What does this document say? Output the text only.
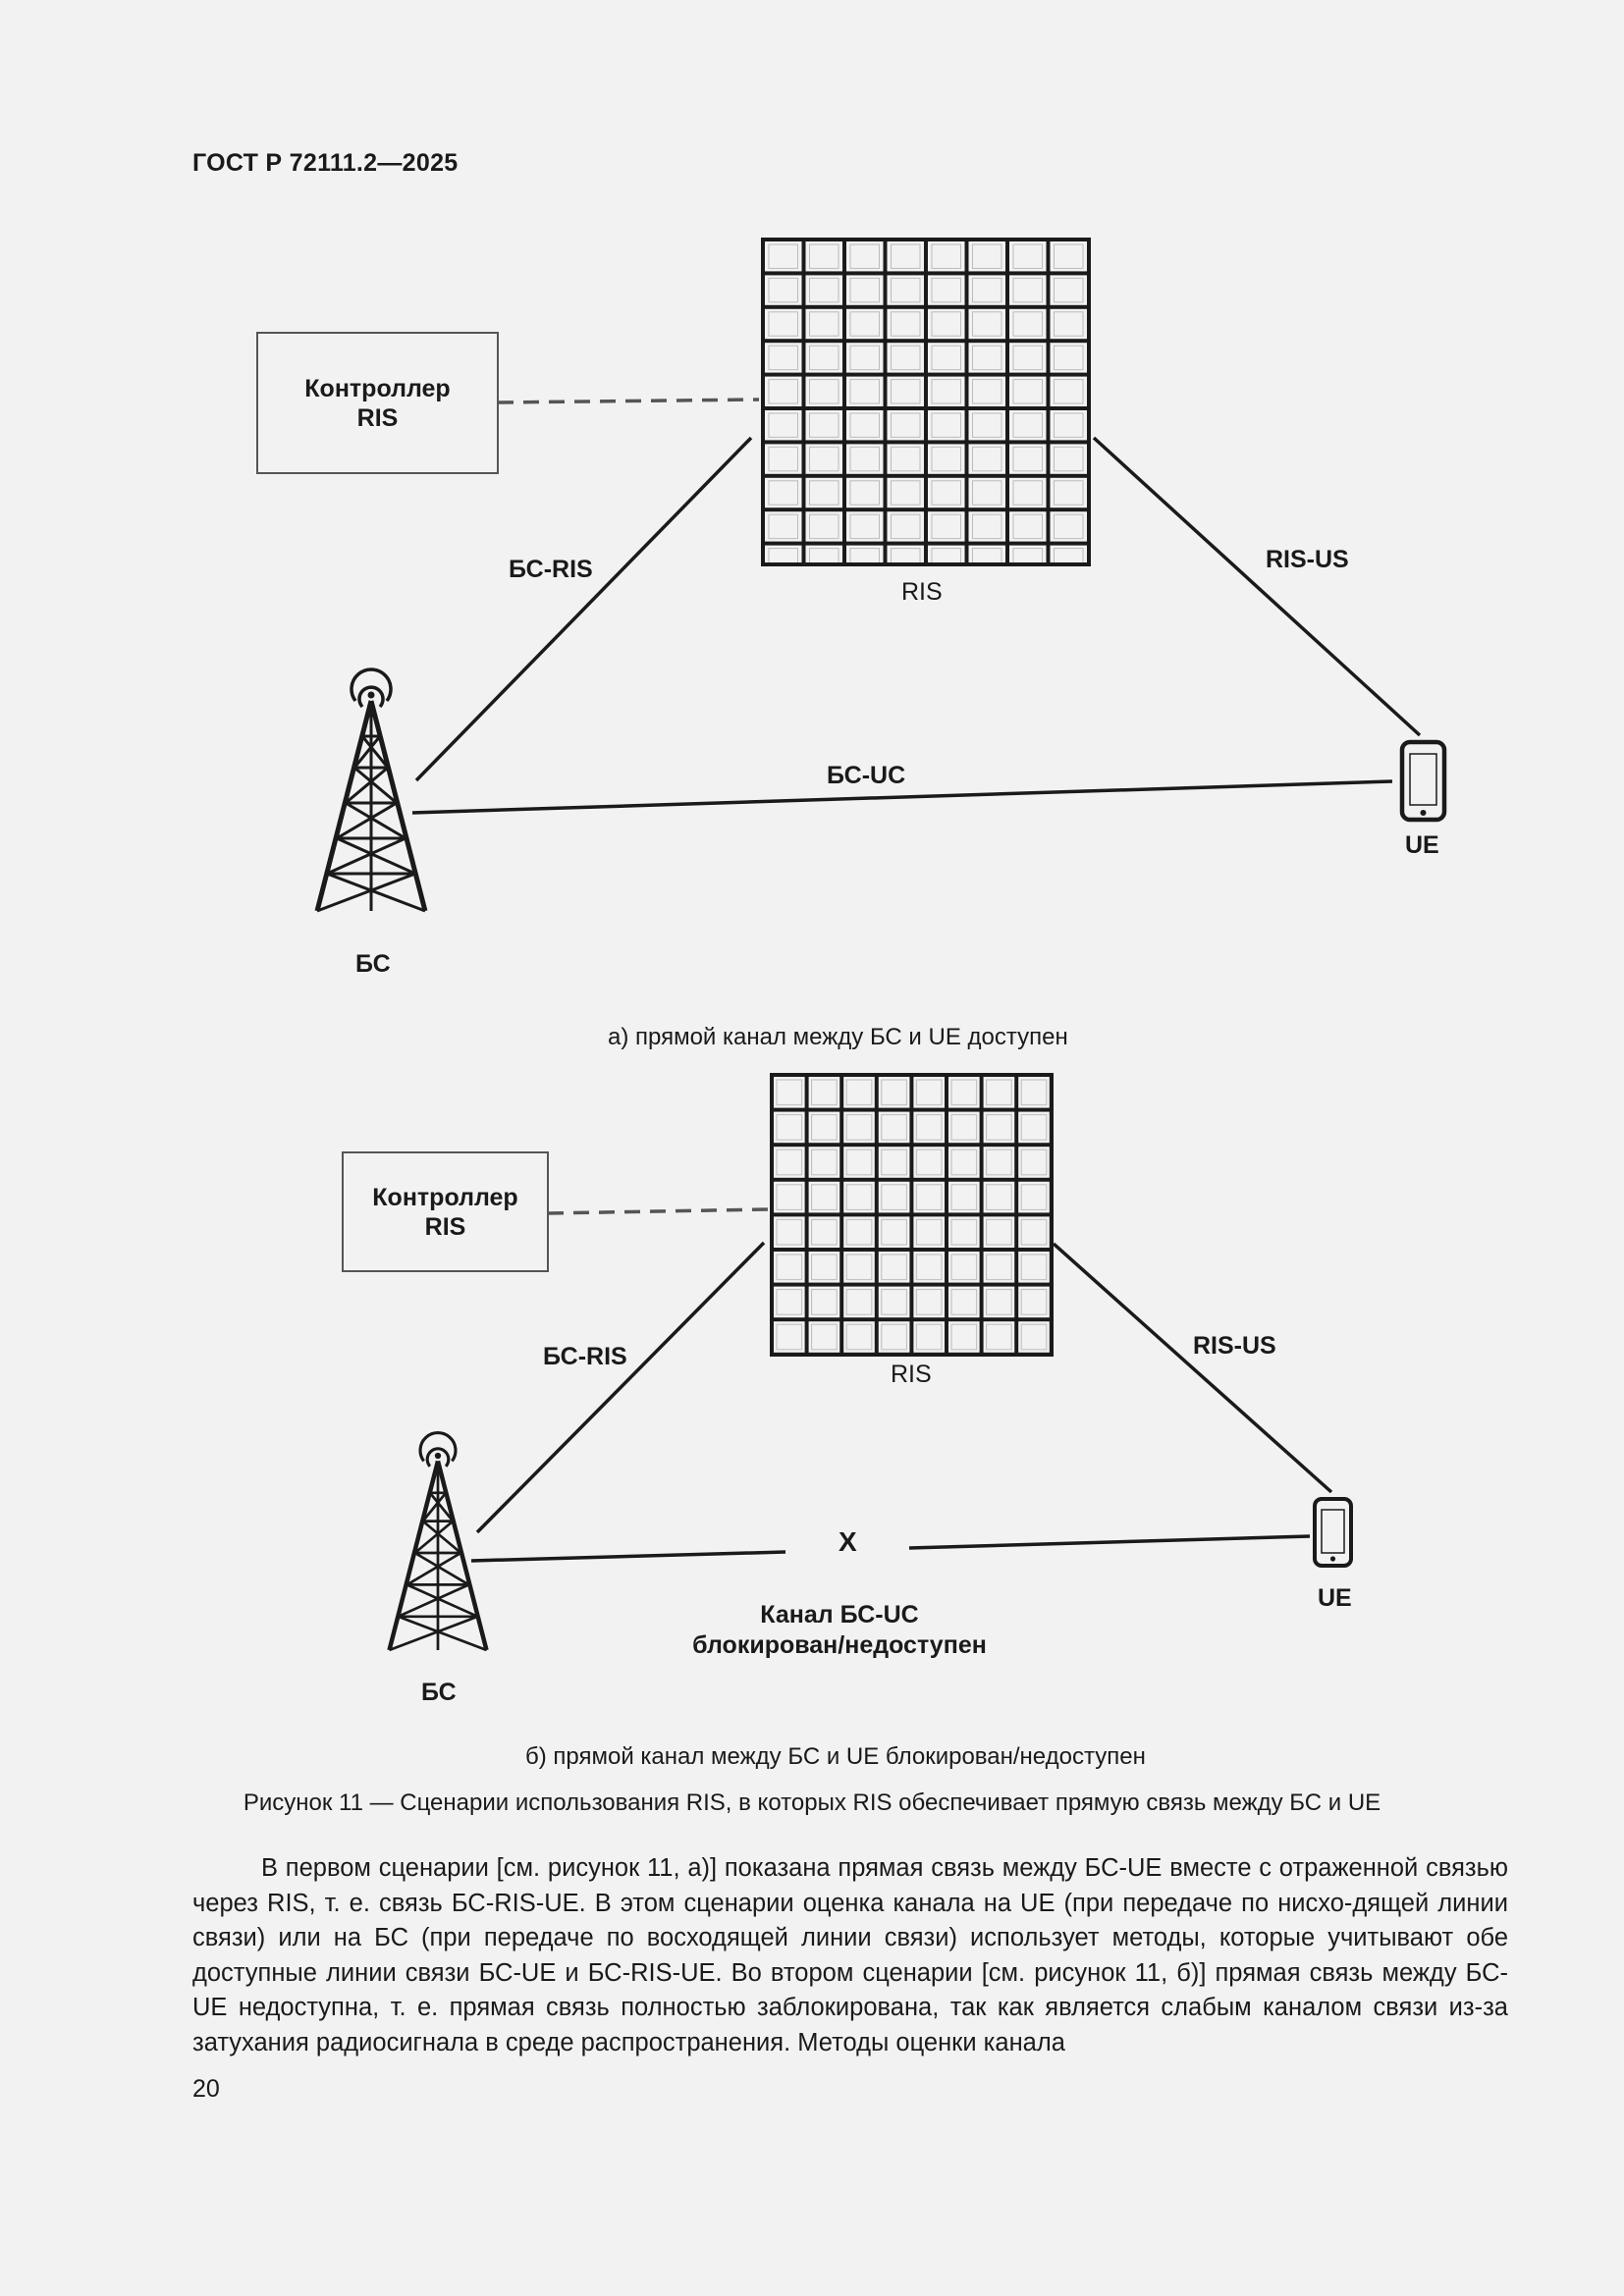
ГОСТ Р 72111.2—2025
Контроллер
RIS
RIS
БС-RIS	RIS-US
БС-UC
БС
UE
а) прямой канал между БС и UE доступен
Контроллер
RIS
RIS
БС-RIS	RIS-US
X
Канал БС-UC
блокирован/недоступен
БС
UE
б) прямой канал между БС и UE блокирован/недоступен
Рисунок 11 — Сценарии использования RIS, в которых RIS обеспечивает прямую связь между БС и UE

В первом сценарии [см. рисунок 11, а)] показана прямая связь между БС-UE вместе с отраженной связью через RIS, т. е. связь БС-RIS-UE. В этом сценарии оценка канала на UE (при передаче по нисхо-дящей линии связи) или на БС (при передаче по восходящей линии связи) использует методы, которые учитывают обе доступные линии связи БС-UE и БС-RIS-UE. Во втором сценарии [см. рисунок 11, б)] прямая связь между БС-UE недоступна, т. е. прямая связь полностью заблокирована, так как является слабым каналом связи из-за затухания радиосигнала в среде распространения. Методы оценки канала

20
